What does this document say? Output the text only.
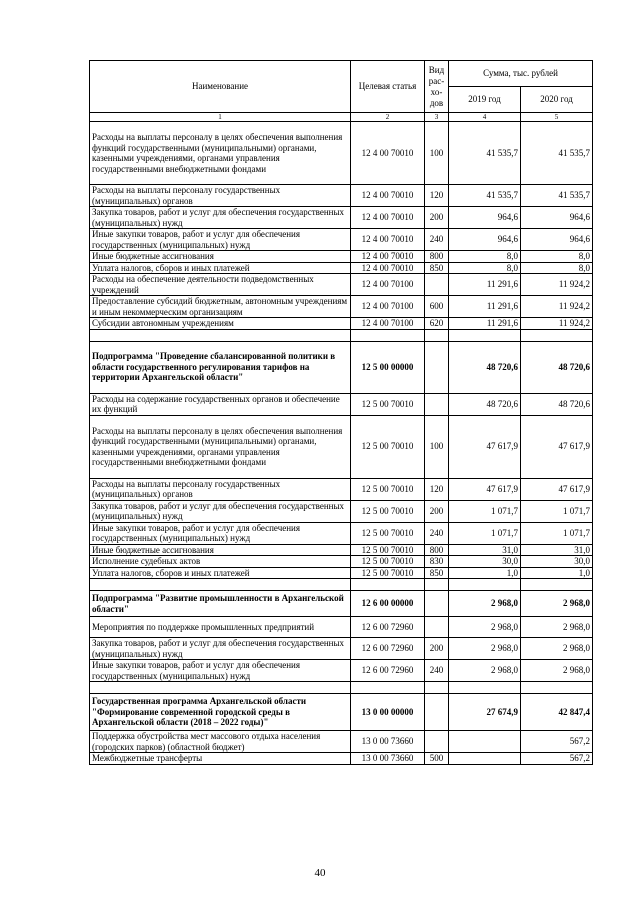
Наименование	Целевая статья	Вид
рас-
хо-
дов	Сумма, тыс. рублей	
			2019 год	2020 год
1	2	3	4	5
Расходы на выплаты персоналу в целях обеспечения выполнения функций государственными (муниципальными) органами, казенными учреждениями, органами управления государственными внебюджетными фондами	12 4 00 70010	100	41 535,7	41 535,7
Расходы на выплаты персоналу государственных (муниципальных) органов	12 4 00 70010	120	41 535,7	41 535,7
Закупка товаров, работ и услуг для обеспечения государственных (муниципальных) нужд	12 4 00 70010	200	964,6	964,6
Иные закупки товаров, работ и услуг для обеспечения государственных (муниципальных) нужд	12 4 00 70010	240	964,6	964,6
Иные бюджетные ассигнования	12 4 00 70010	800	8,0	8,0
Уплата налогов, сборов и иных платежей	12 4 00 70010	850	8,0	8,0
Расходы на обеспечение деятельности подведомственных учреждений	12 4 00 70100		11 291,6	11 924,2
Предоставление субсидий бюджетным, автономным учреждениям и иным некоммерческим организациям	12 4 00 70100	600	11 291,6	11 924,2
Субсидии автономным учреждениям	12 4 00 70100	620	11 291,6	11 924,2

Подпрограмма "Проведение сбалансированной политики в области государственного регулирования тарифов на территории Архангельской области"	12 5 00 00000		48 720,6	48 720,6
Расходы на содержание государственных органов и обеспечение их функций	12 5 00 70010		48 720,6	48 720,6
Расходы на выплаты персоналу в целях обеспечения выполнения функций государственными (муниципальными) органами, казенными учреждениями, органами управления государственными внебюджетными фондами	12 5 00 70010	100	47 617,9	47 617,9
Расходы на выплаты персоналу государственных (муниципальных) органов	12 5 00 70010	120	47 617,9	47 617,9
Закупка товаров, работ и услуг для обеспечения государственных (муниципальных) нужд	12 5 00 70010	200	1 071,7	1 071,7
Иные закупки товаров, работ и услуг для обеспечения государственных (муниципальных) нужд	12 5 00 70010	240	1 071,7	1 071,7
Иные бюджетные ассигнования	12 5 00 70010	800	31,0	31,0
Исполнение судебных актов	12 5 00 70010	830	30,0	30,0
Уплата налогов, сборов и иных платежей	12 5 00 70010	850	1,0	1,0

Подпрограмма "Развитие промышленности в Архангельской области"	12 6 00 00000		2 968,0	2 968,0
Мероприятия по поддержке промышленных предприятий	12 6 00 72960		2 968,0	2 968,0
Закупка товаров, работ и услуг для обеспечения государственных (муниципальных) нужд	12 6 00 72960	200	2 968,0	2 968,0
Иные закупки товаров, работ и услуг для обеспечения государственных (муниципальных) нужд	12 6 00 72960	240	2 968,0	2 968,0

Государственная программа Архангельской области "Формирование современной городской среды в Архангельской области (2018 – 2022 годы)"	13 0 00 00000		27 674,9	42 847,4
Поддержка обустройства мест массового отдыха населения (городских парков) (областной бюджет)	13 0 00 73660			567,2
Межбюджетные трансферты	13 0 00 73660	500		567,2
40
